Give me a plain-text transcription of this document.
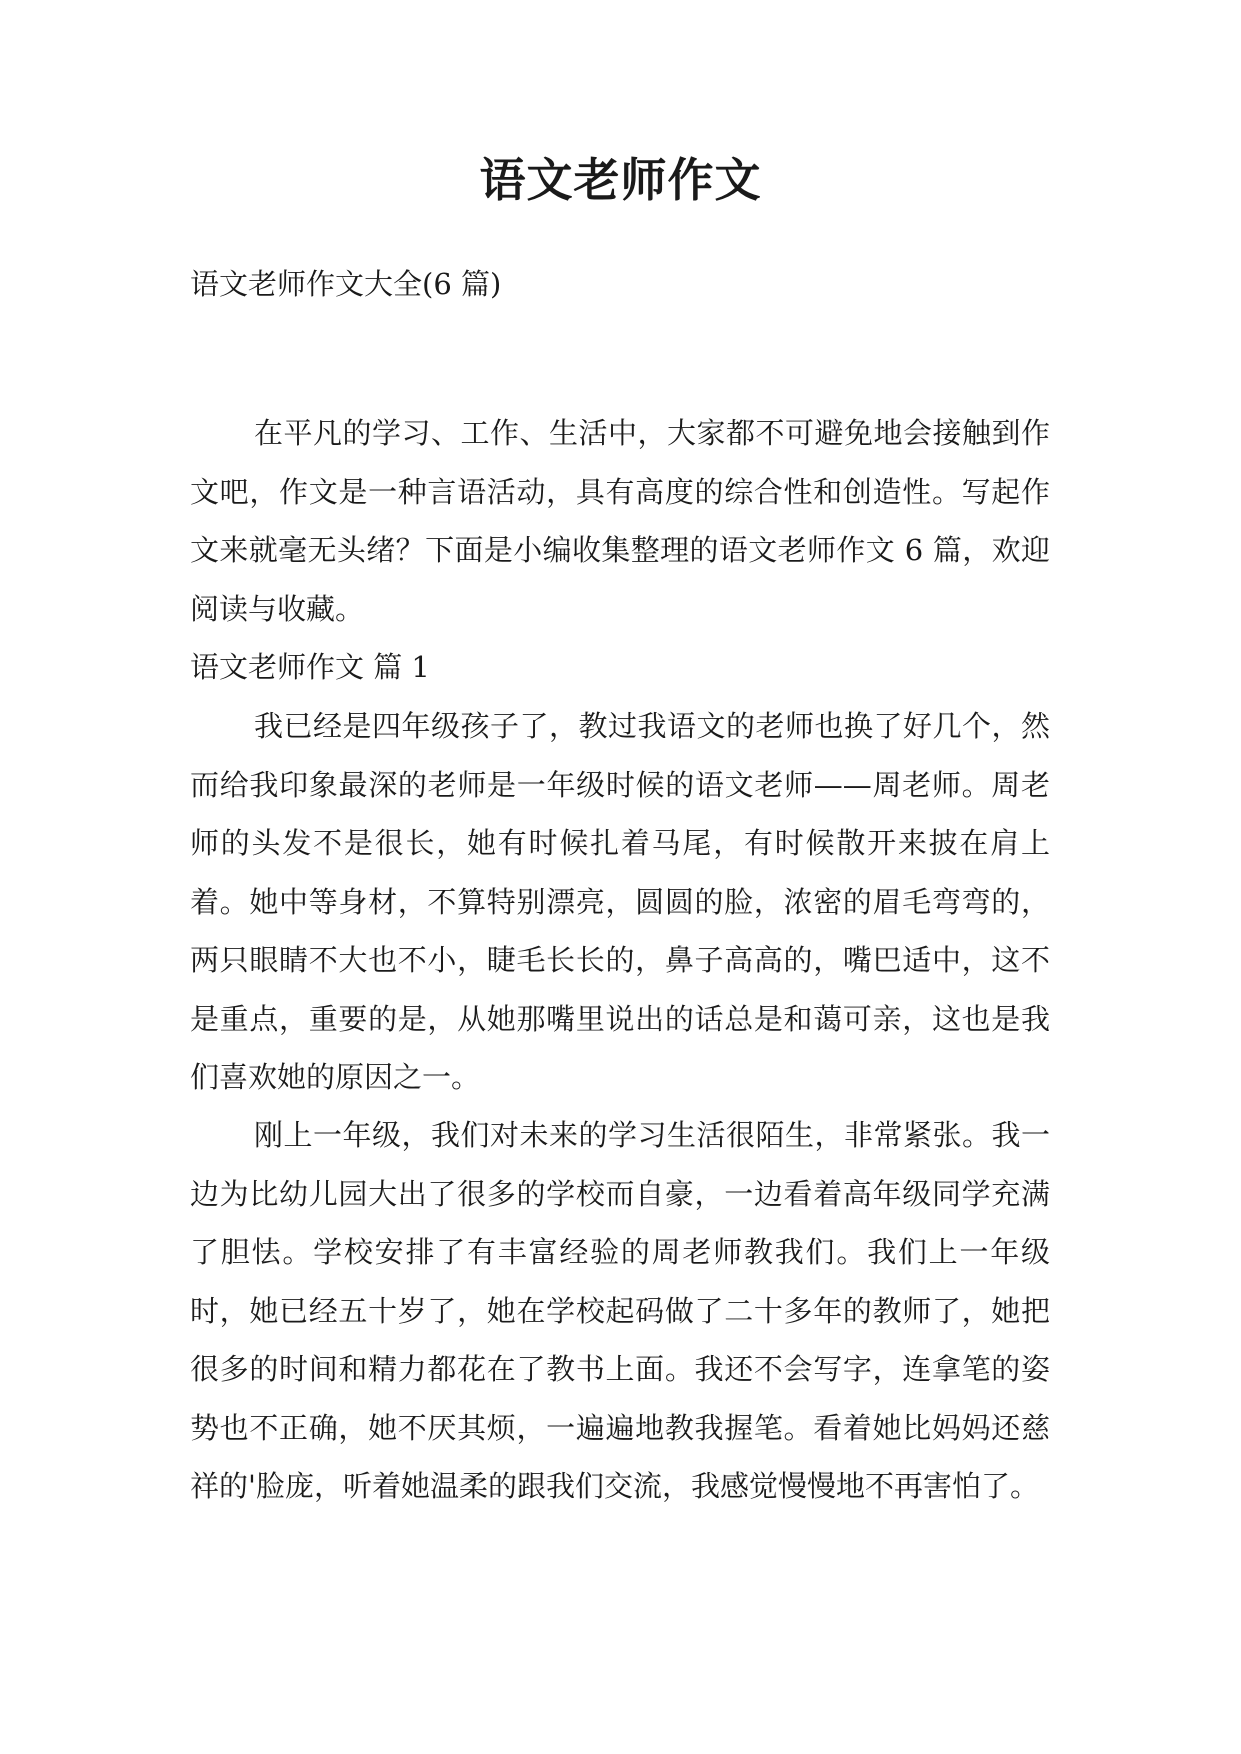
语文老师作文
语文老师作文大全(6 篇)

在平凡的学习、工作、生活中，大家都不可避免地会接触到作文吧，作文是一种言语活动，具有高度的综合性和创造性。写起作文来就毫无头绪？下面是小编收集整理的语文老师作文 6 篇，欢迎阅读与收藏。

语文老师作文 篇 1

我已经是四年级孩子了，教过我语文的老师也换了好几个，然而给我印象最深的老师是一年级时候的语文老师——周老师。周老师的头发不是很长，她有时候扎着马尾，有时候散开来披在肩上着。她中等身材，不算特别漂亮，圆圆的脸，浓密的眉毛弯弯的，两只眼睛不大也不小，睫毛长长的，鼻子高高的，嘴巴适中，这不是重点，重要的是，从她那嘴里说出的话总是和蔼可亲，这也是我们喜欢她的原因之一。

刚上一年级，我们对未来的学习生活很陌生，非常紧张。我一边为比幼儿园大出了很多的学校而自豪，一边看着高年级同学充满了胆怯。学校安排了有丰富经验的周老师教我们。我们上一年级时，她已经五十岁了，她在学校起码做了二十多年的教师了，她把很多的时间和精力都花在了教书上面。我还不会写字，连拿笔的姿势也不正确，她不厌其烦，一遍遍地教我握笔。看着她比妈妈还慈祥的'脸庞，听着她温柔的跟我们交流，我感觉慢慢地不再害怕了。
